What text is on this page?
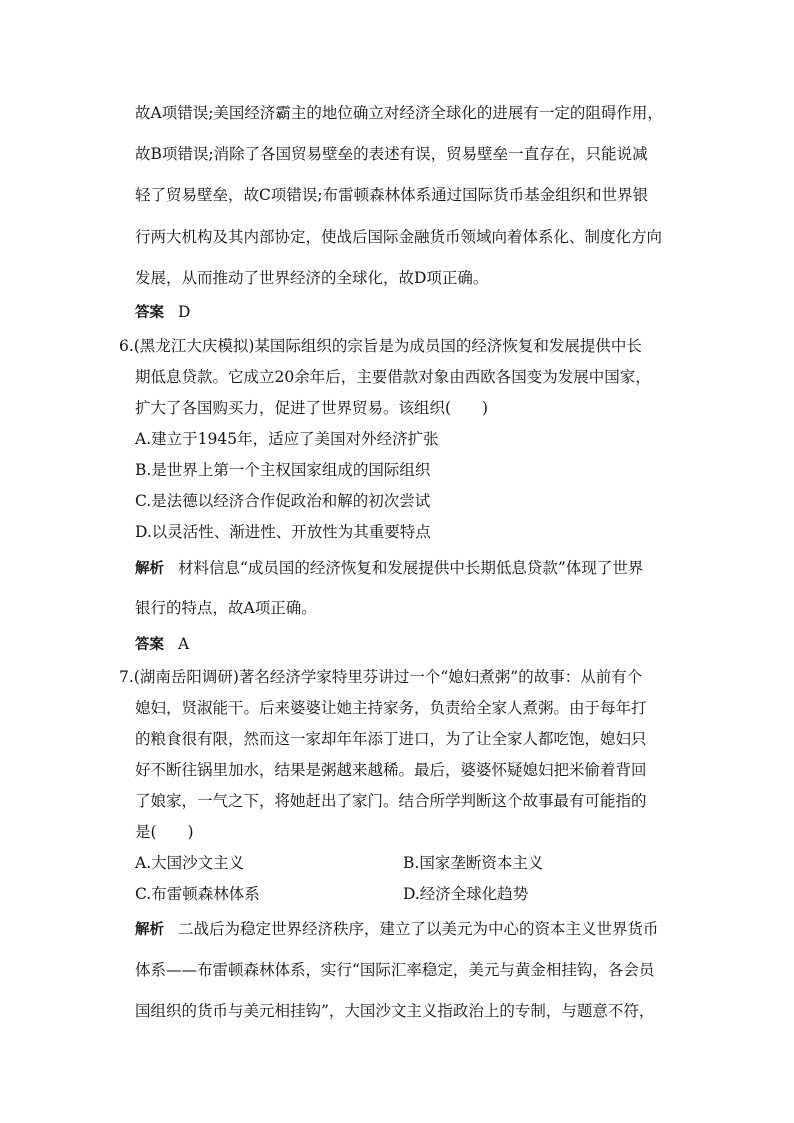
故A项错误;美国经济霸主的地位确立对经济全球化的进展有一定的阻碍作用，
故B项错误;消除了各国贸易壁垒的表述有误，贸易壁垒一直存在，只能说减
轻了贸易壁垒，故C项错误;布雷顿森林体系通过国际货币基金组织和世界银
行两大机构及其内部协定，使战后国际金融货币领域向着体系化、制度化方向
发展，从而推动了世界经济的全球化，故D项正确。
答案 D
6.(黑龙江大庆模拟)某国际组织的宗旨是为成员国的经济恢复和发展提供中长
期低息贷款。它成立20余年后，主要借款对象由西欧各国变为发展中国家，
扩大了各国购买力，促进了世界贸易。该组织(　　)
A.建立于1945年，适应了美国对外经济扩张
B.是世界上第一个主权国家组成的国际组织
C.是法德以经济合作促政治和解的初次尝试
D.以灵活性、渐进性、开放性为其重要特点
解析 材料信息“成员国的经济恢复和发展提供中长期低息贷款”体现了世界
银行的特点，故A项正确。
答案 A
7.(湖南岳阳调研)著名经济学家特里芬讲过一个“媳妇煮粥”的故事：从前有个
媳妇，贤淑能干。后来婆婆让她主持家务，负责给全家人煮粥。由于每年打
的粮食很有限，然而这一家却年年添丁进口，为了让全家人都吃饱，媳妇只
好不断往锅里加水，结果是粥越来越稀。最后，婆婆怀疑媳妇把米偷着背回
了娘家，一气之下，将她赶出了家门。结合所学判断这个故事最有可能指的
是(　　)
A.大国沙文主义	B.国家垄断资本主义
C.布雷顿森林体系	D.经济全球化趋势
解析 二战后为稳定世界经济秩序，建立了以美元为中心的资本主义世界货币
体系——布雷顿森林体系，实行“国际汇率稳定，美元与黄金相挂钩，各会员
国组织的货币与美元相挂钩”，大国沙文主义指政治上的专制，与题意不符，
